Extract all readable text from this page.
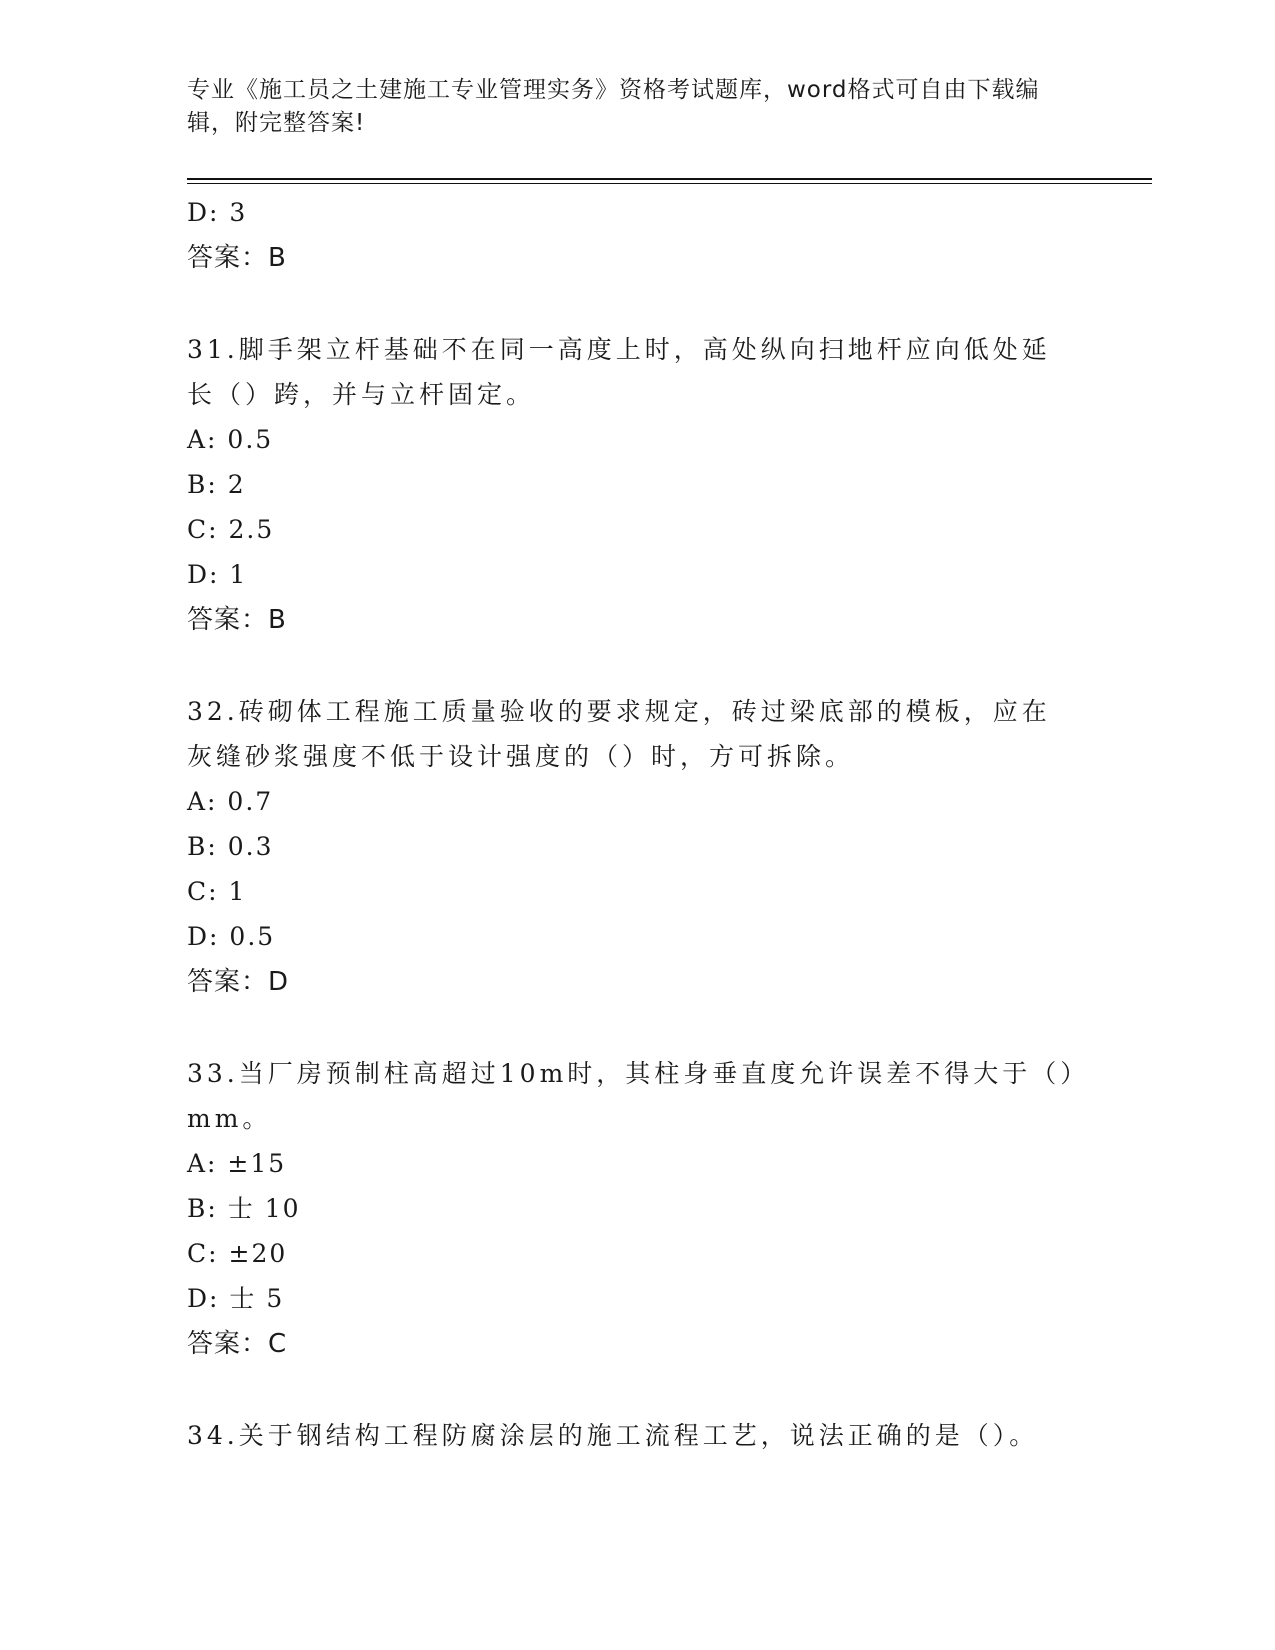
专业《施工员之土建施工专业管理实务》资格考试题库，word格式可自由下载编辑，附完整答案!

D: 3

答案：B

31.脚手架立杆基础不在同一高度上时，高处纵向扫地杆应向低处延长（）跨，并与立杆固定。

A: 0.5

B: 2

C: 2.5

D: 1

答案：B

32.砖砌体工程施工质量验收的要求规定，砖过梁底部的模板，应在灰缝砂浆强度不低于设计强度的（）时，方可拆除。

A: 0.7

B: 0.3

C: 1

D: 0.5

答案：D

33.当厂房预制柱高超过10m时，其柱身垂直度允许误差不得大于（）mm。

A: ±15

B: 士 10

C: ±20

D: 士 5

答案：C

34.关于钢结构工程防腐涂层的施工流程工艺，说法正确的是（）。
